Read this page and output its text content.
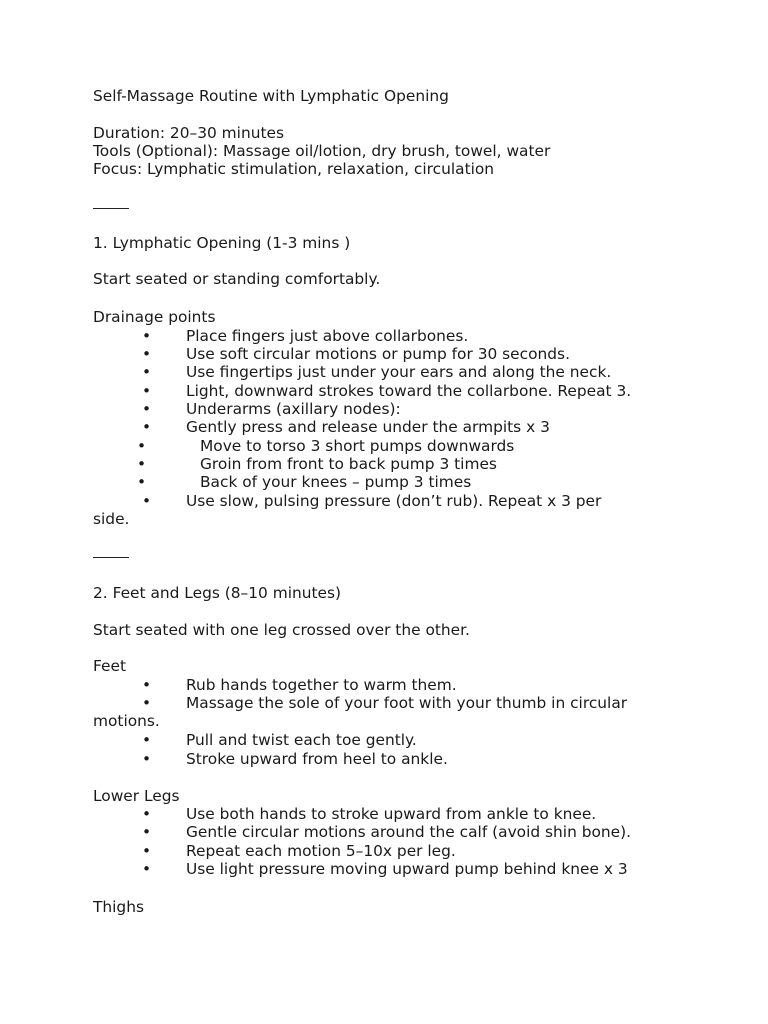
Self-Massage Routine with Lymphatic Opening
Duration: 20–30 minutes
Tools (Optional): Massage oil/lotion, dry brush, towel, water
Focus: Lymphatic stimulation, relaxation, circulation
1. Lymphatic Opening (1-3 mins )
Start seated or standing comfortably.
Drainage points
• Place fingers just above collarbones.
• Use soft circular motions or pump for 30 seconds.
• Use fingertips just under your ears and along the neck.
• Light, downward strokes toward the collarbone. Repeat 3.
• Underarms (axillary nodes):
• Gently press and release under the armpits x 3
•	Move to torso 3 short pumps downwards
•	Groin from front to back pump 3 times
•	Back of your knees – pump 3 times
• Use slow, pulsing pressure (don’t rub). Repeat x 3 per
side.
2. Feet and Legs (8–10 minutes)
Start seated with one leg crossed over the other.
Feet
• Rub hands together to warm them.
• Massage the sole of your foot with your thumb in circular
motions.
• Pull and twist each toe gently.
• Stroke upward from heel to ankle.
Lower Legs
• Use both hands to stroke upward from ankle to knee.
• Gentle circular motions around the calf (avoid shin bone).
• Repeat each motion 5–10x per leg.
• Use light pressure moving upward pump behind knee x 3
Thighs
